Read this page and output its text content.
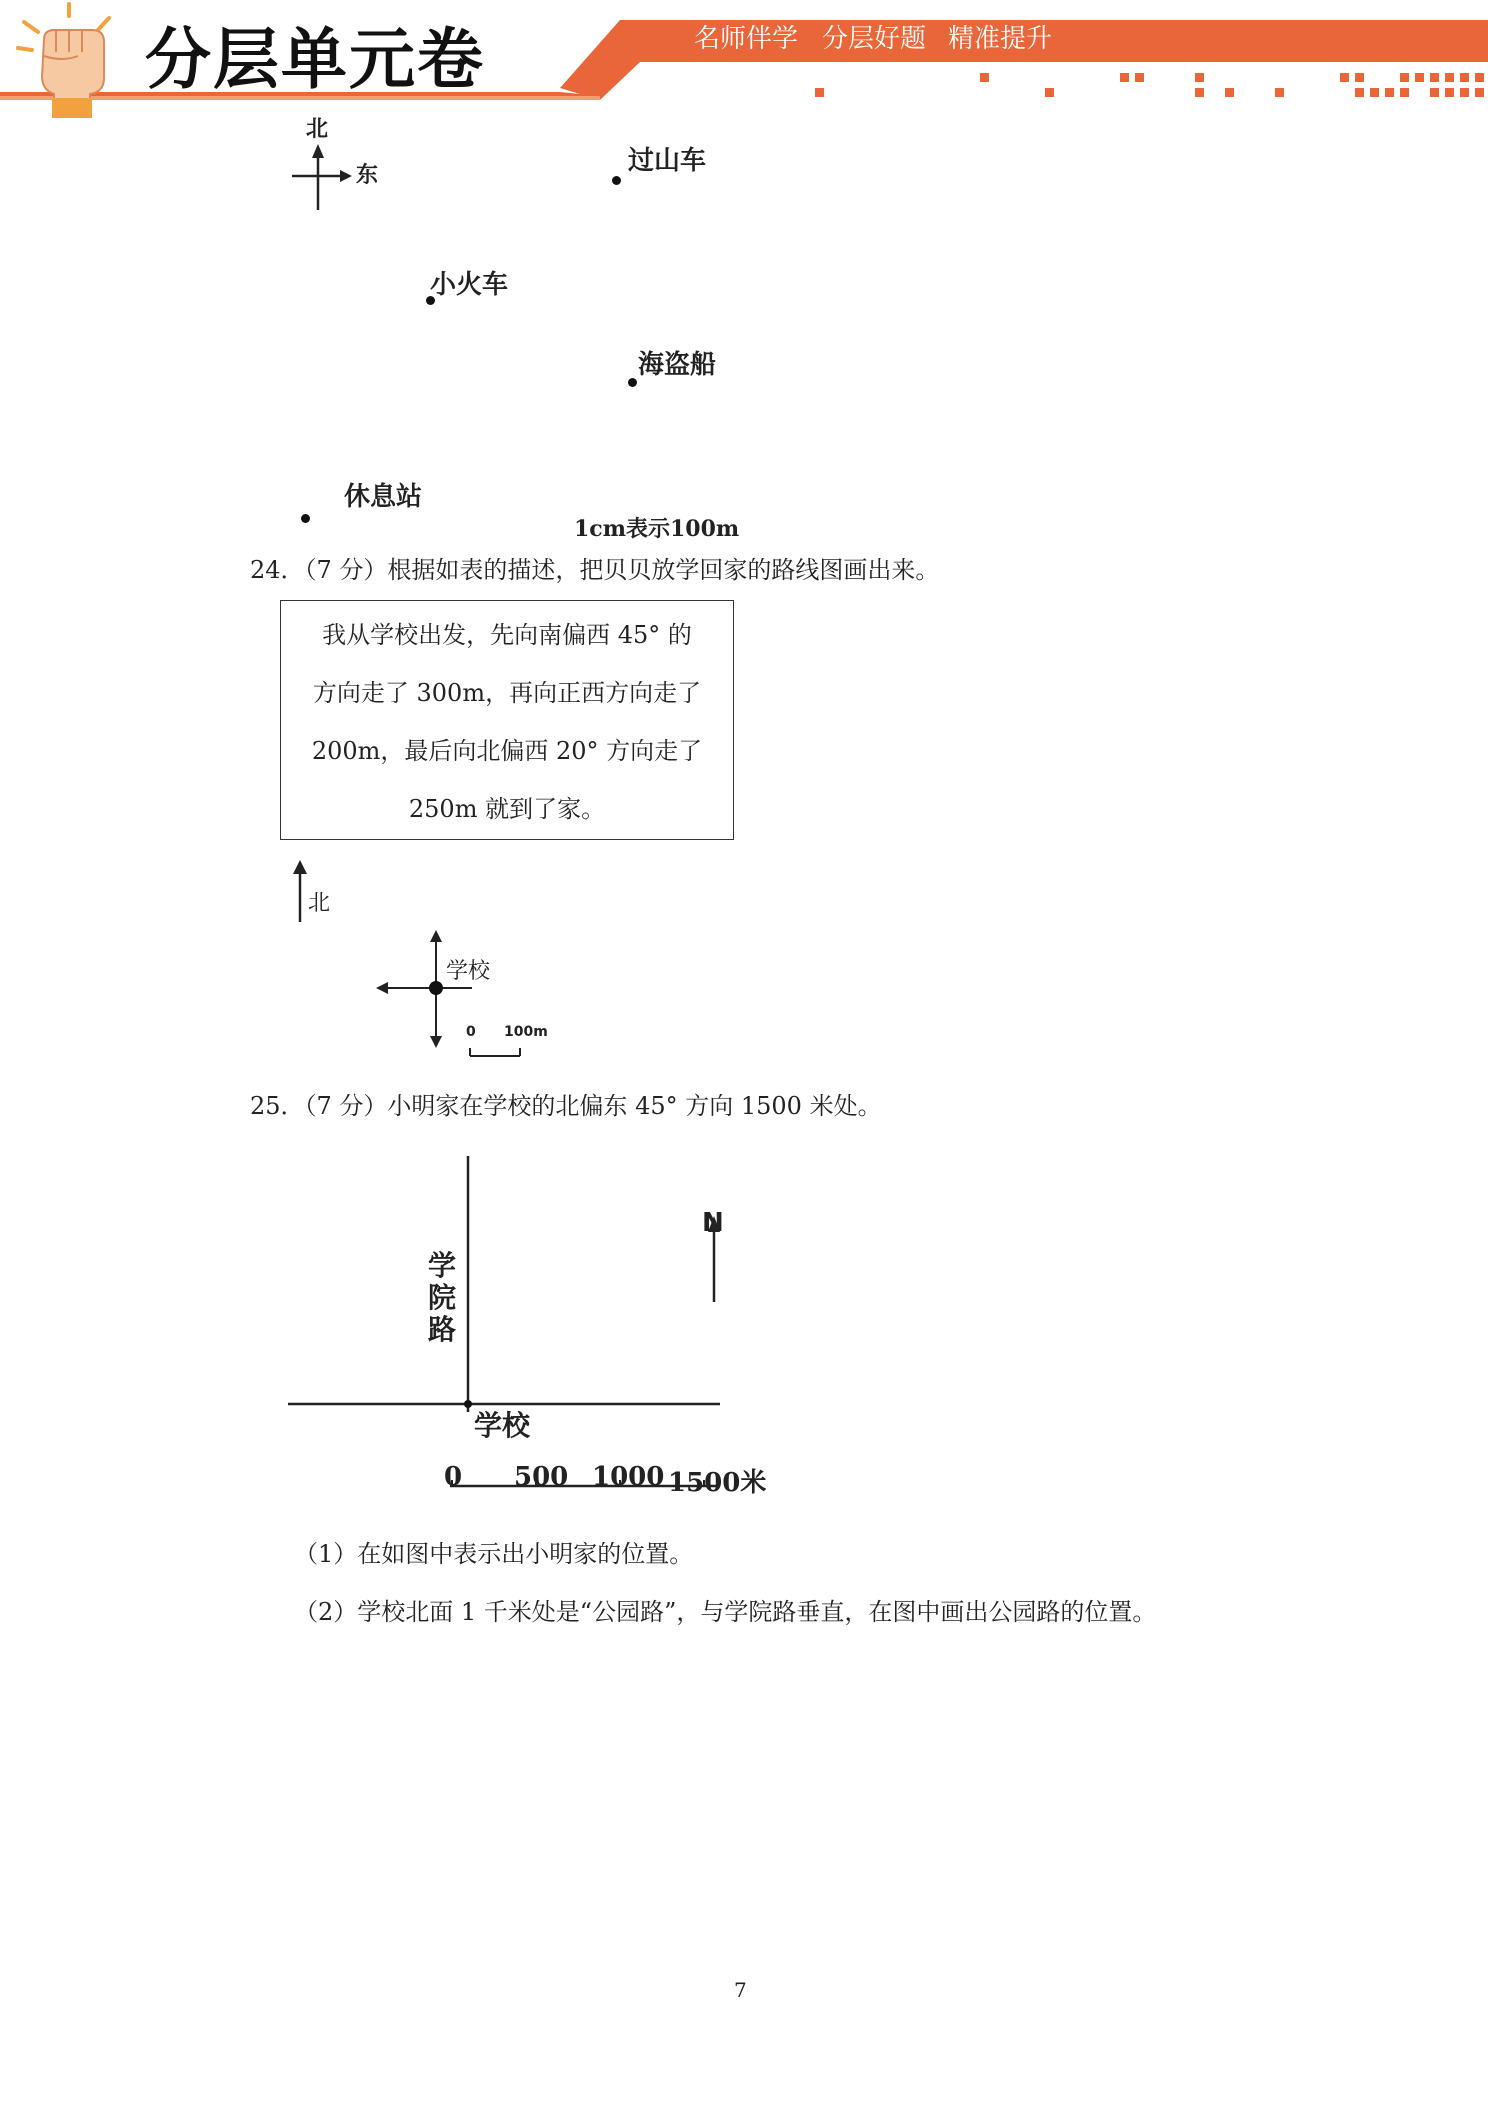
分层单元卷	名师伴学 分层好题 精准提升
北
东	过山车
小火车
海盗船
休息站
1cm表示100m
24．（7 分）根据如表的描述，把贝贝放学回家的路线图画出来。
我从学校出发，先向南偏西 45° 的
方向走了 300m，再向正西方向走了
200m，最后向北偏西 20° 方向走了
250m 就到了家。
北
学校
0 100m
25．（7 分）小明家在学校的北偏东 45° 方向 1500 米处。
N
学院路
学校
0 500 1000 1500米
（1）在如图中表示出小明家的位置。
（2）学校北面 1 千米处是“公园路”，与学院路垂直，在图中画出公园路的位置。
7
